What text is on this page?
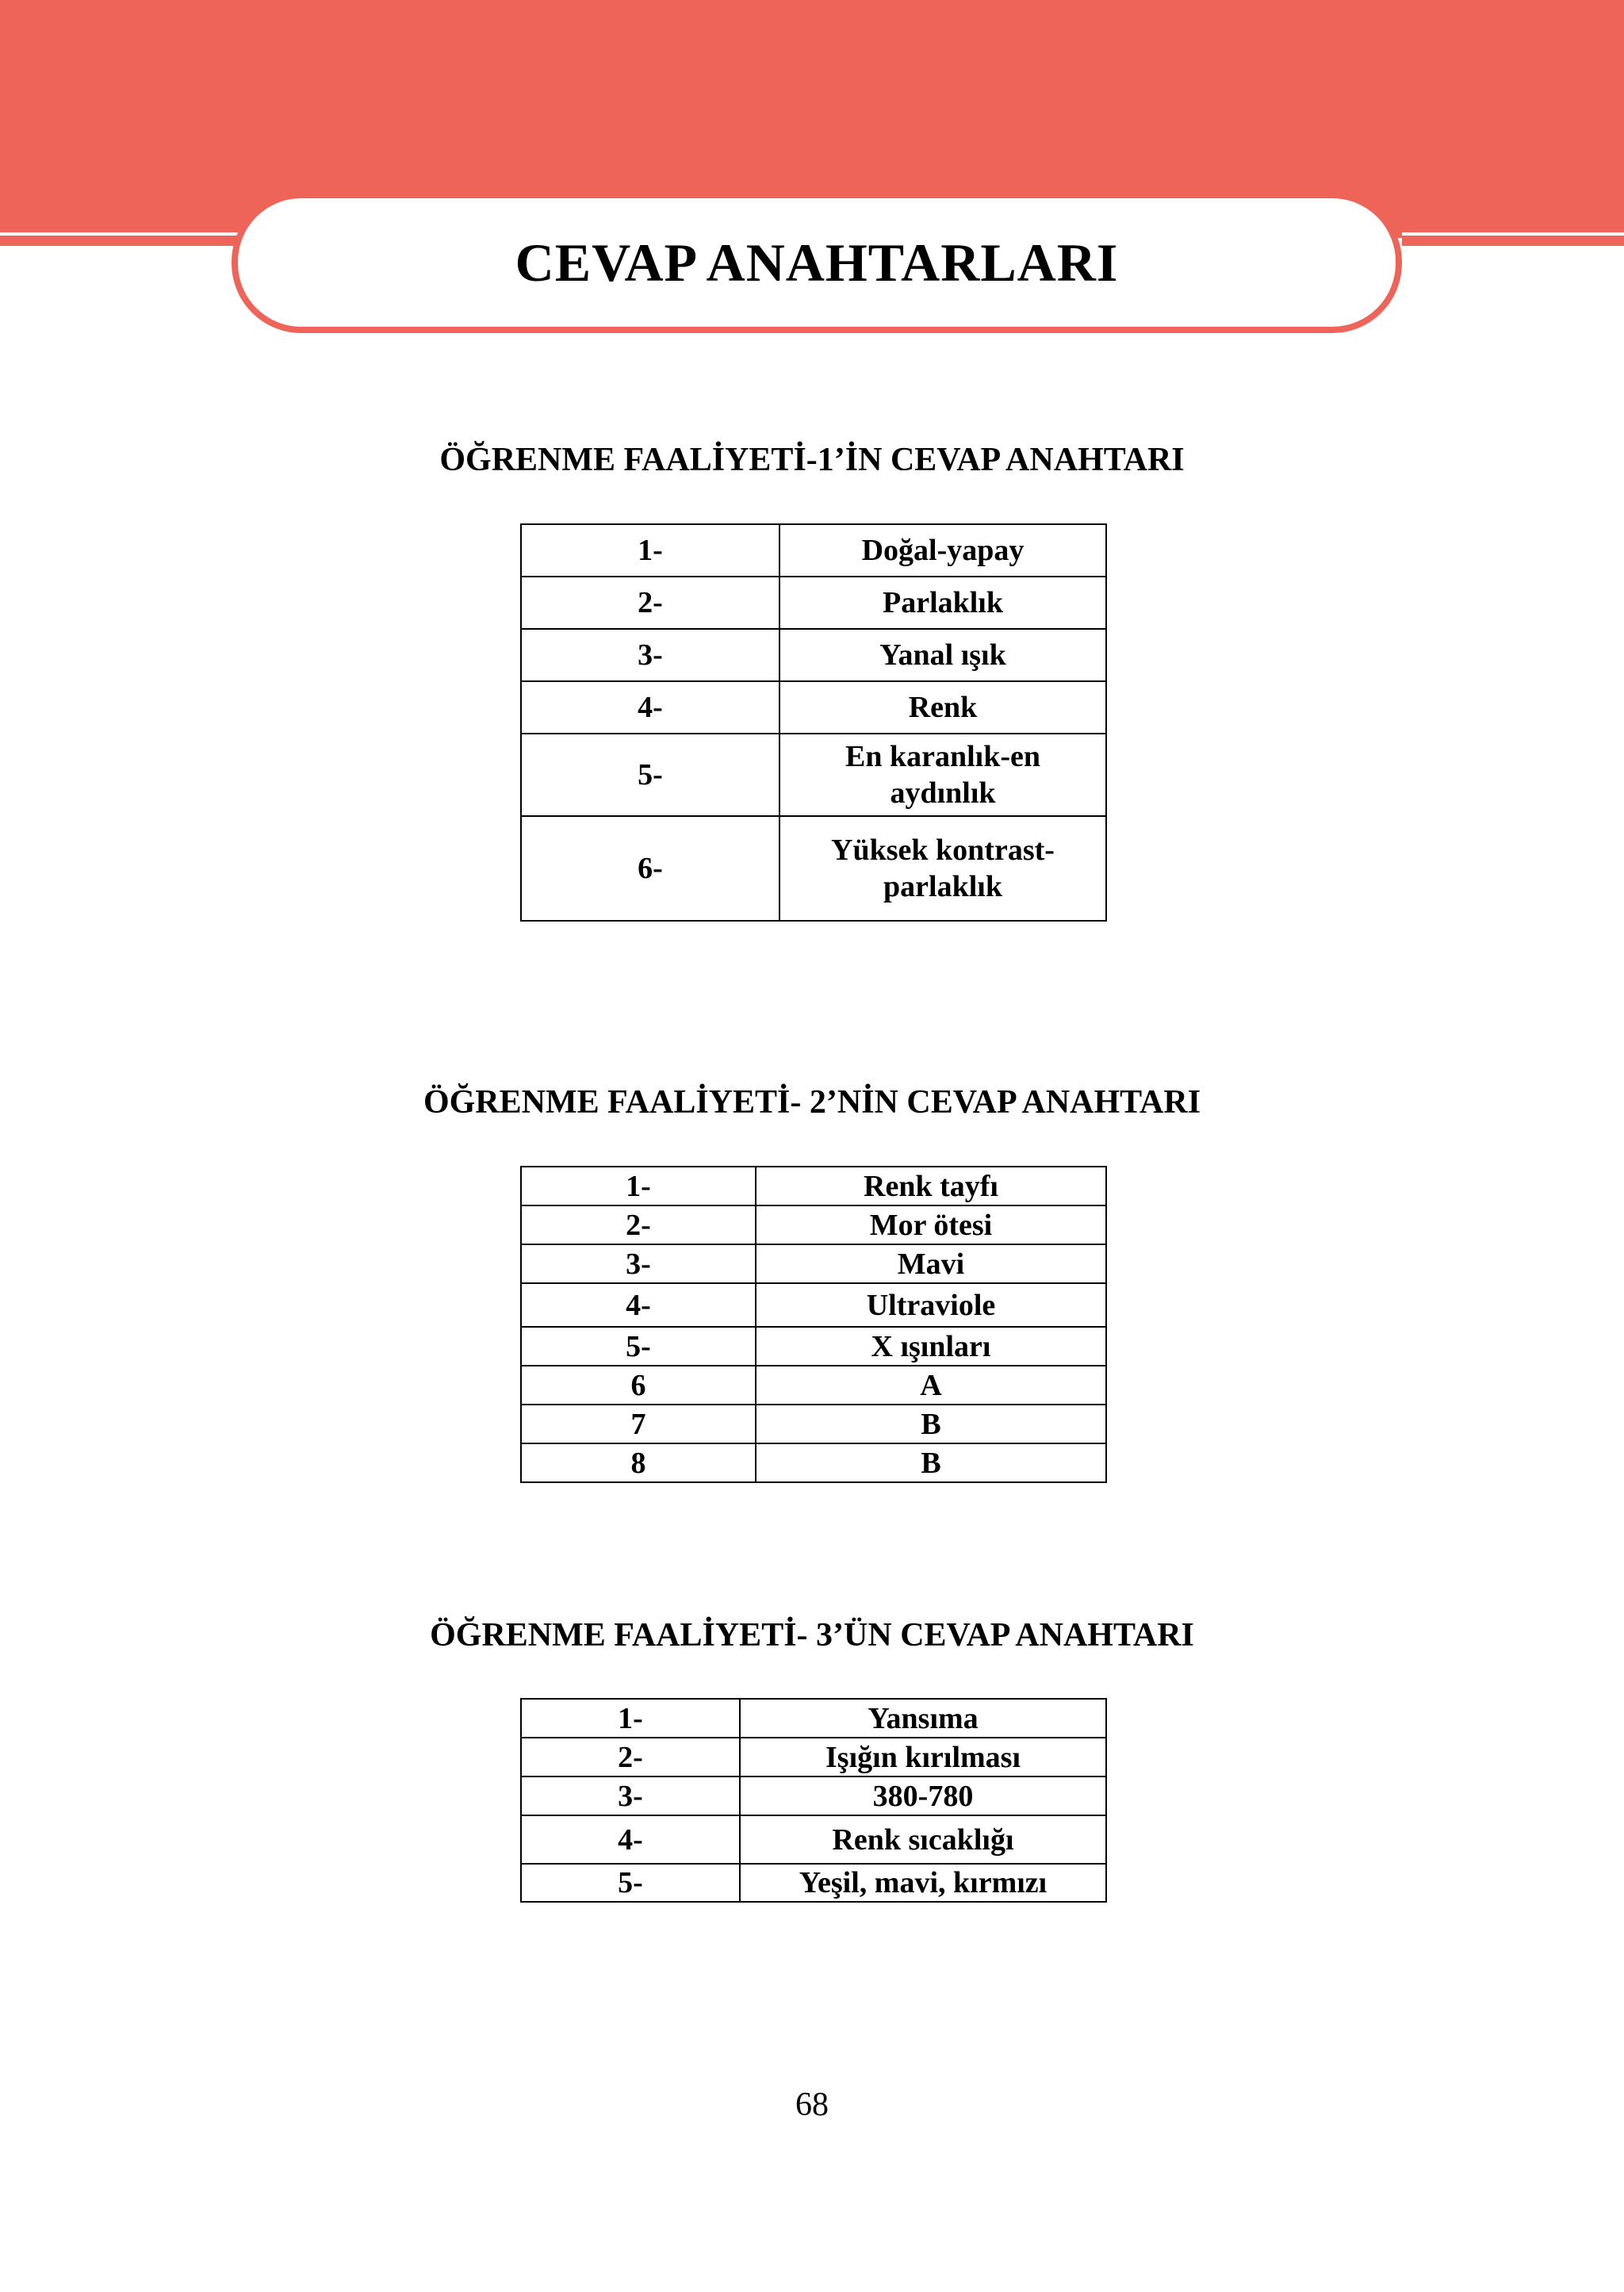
CEVAP ANAHTARLARI
ÖĞRENME FAALİYETİ-1’İN CEVAP ANAHTARI
1-	Doğal-yapay
2-	Parlaklık
3-	Yanal ışık
4-	Renk
5-	En karanlık-en aydınlık
6-	Yüksek kontrast-parlaklık
ÖĞRENME FAALİYETİ- 2’NİN CEVAP ANAHTARI
1-	Renk tayfı
2-	Mor ötesi
3-	Mavi
4-	Ultraviole
5-	X ışınları
6	A
7	B
8	B
ÖĞRENME FAALİYETİ- 3’ÜN CEVAP ANAHTARI
1-	Yansıma
2-	Işığın kırılması
3-	380-780
4-	Renk sıcaklığı
5-	Yeşil, mavi, kırmızı
68
